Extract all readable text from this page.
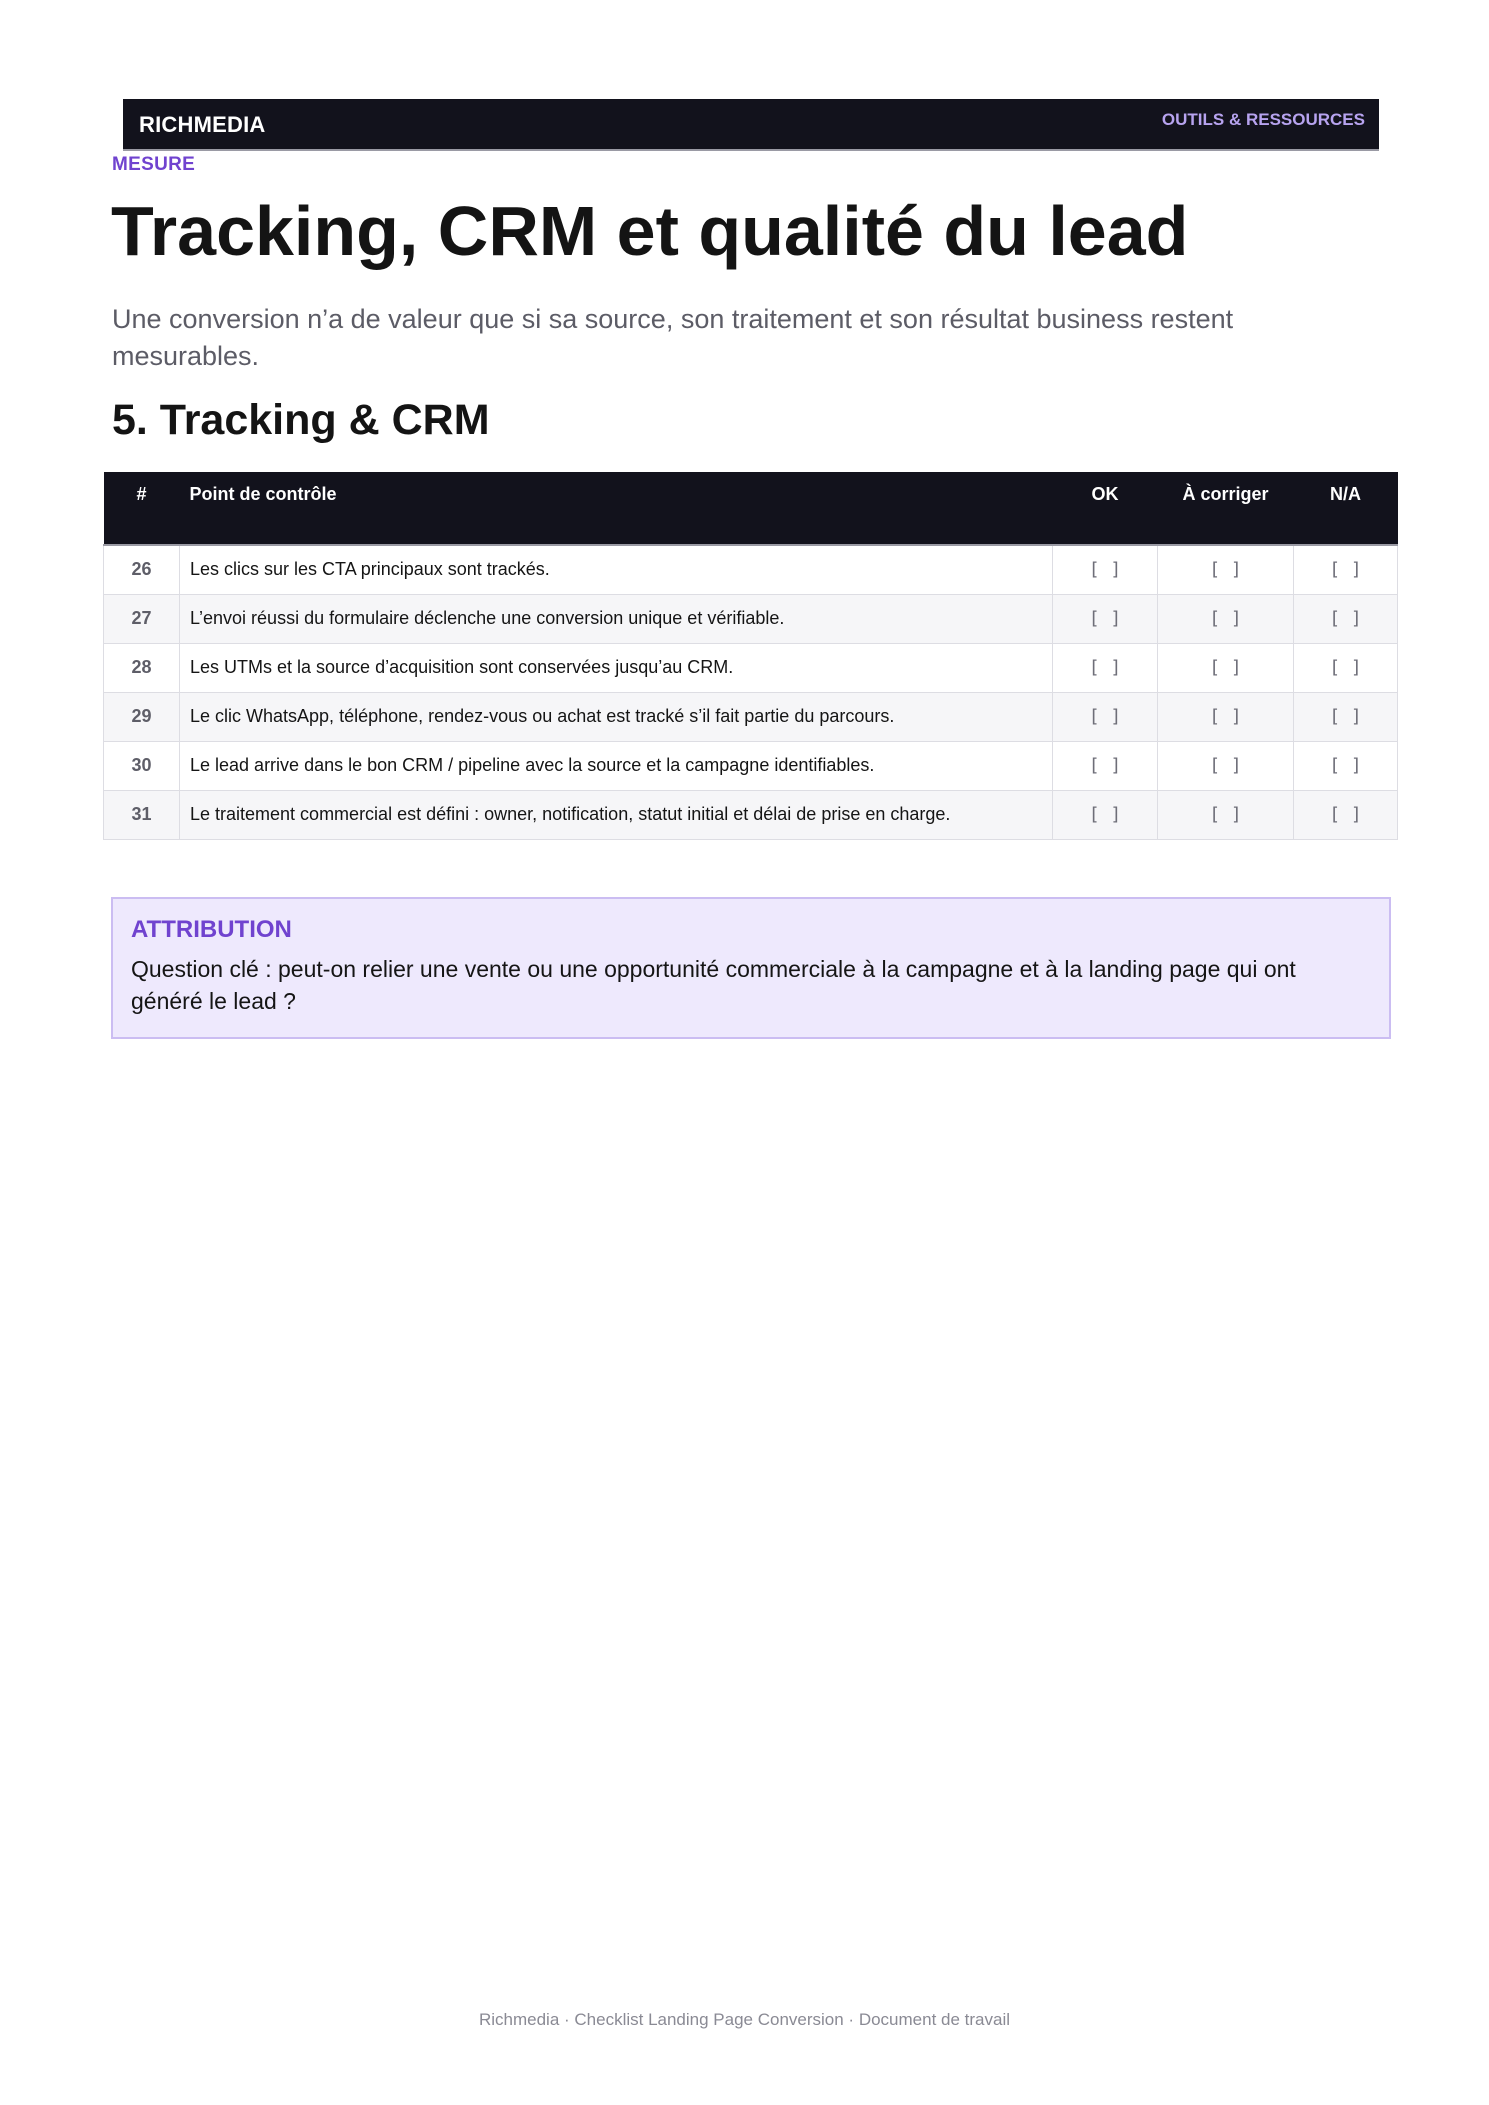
RICHMEDIA	OUTILS & RESSOURCES
MESURE
Tracking, CRM et qualité du lead

Une conversion n’a de valeur que si sa source, son traitement et son résultat business restent mesurables.

5. Tracking & CRM
#	Point de contrôle	OK	À corriger	N/A
26	Les clics sur les CTA principaux sont trackés.	[ ]	[ ]	[ ]
27	L’envoi réussi du formulaire déclenche une conversion unique et vérifiable.	[ ]	[ ]	[ ]
28	Les UTMs et la source d’acquisition sont conservées jusqu’au CRM.	[ ]	[ ]	[ ]
29	Le clic WhatsApp, téléphone, rendez-vous ou achat est tracké s’il fait partie du parcours.	[ ]	[ ]	[ ]
30	Le lead arrive dans le bon CRM / pipeline avec la source et la campagne identifiables.	[ ]	[ ]	[ ]
31	Le traitement commercial est défini : owner, notification, statut initial et délai de prise en charge.	[ ]	[ ]	[ ]
ATTRIBUTION
Question clé : peut-on relier une vente ou une opportunité commerciale à la campagne et à la landing page qui ont généré le lead ?
Richmedia · Checklist Landing Page Conversion · Document de travail
